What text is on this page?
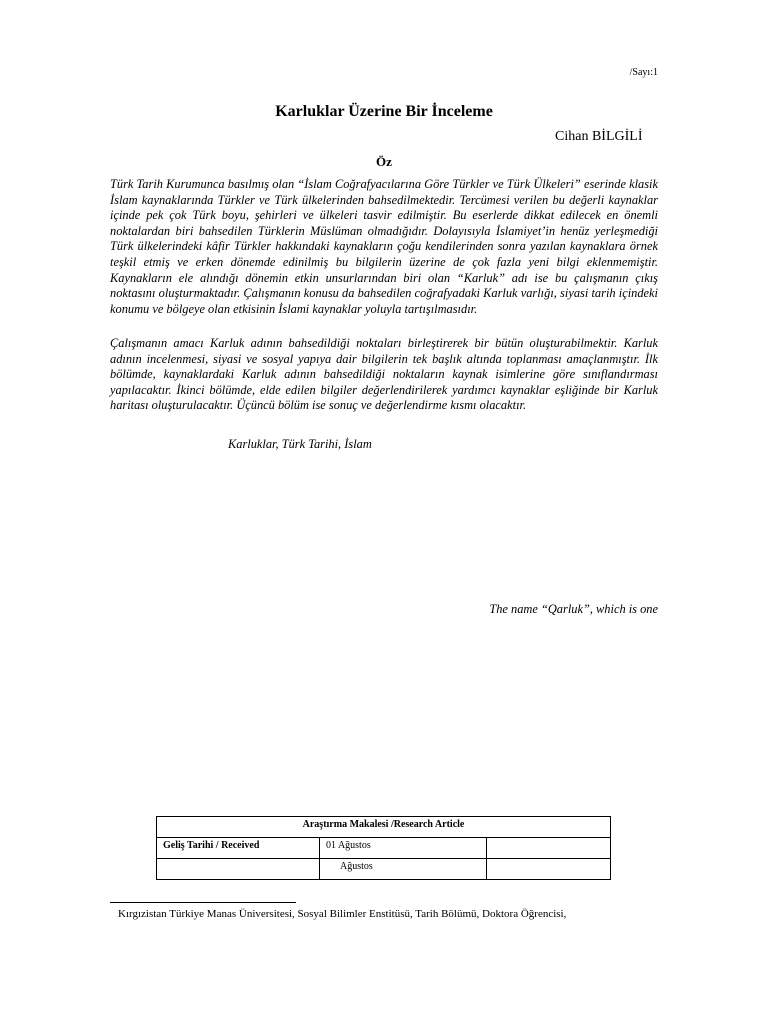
/Sayı:1
Karluklar Üzerine Bir İnceleme
Cihan BİLGİLİ
Öz

Türk Tarih Kurumunca basılmış olan “İslam Coğrafyacılarına Göre Türkler ve Türk Ülkeleri” eserinde klasik İslam kaynaklarında Türkler ve Türk ülkelerinden bahsedilmektedir. Tercümesi verilen bu değerli kaynaklar içinde pek çok Türk boyu, şehirleri ve ülkeleri tasvir edilmiştir. Bu eserlerde dikkat edilecek en önemli noktalardan biri bahsedilen Türklerin Müslüman olmadığıdır. Dolayısıyla İslamiyet’in henüz yerleşmediği Türk ülkelerindeki kâfir Türkler hakkındaki kaynakların çoğu kendilerinden sonra yazılan kaynaklara örnek teşkil etmiş ve erken dönemde edinilmiş bu bilgilerin üzerine de çok fazla yeni bilgi eklenmemiştir. Kaynakların ele alındığı dönemin etkin unsurlarından biri olan “Karluk” adı ise bu çalışmanın çıkış noktasını oluşturmaktadır. Çalışmanın konusu da bahsedilen coğrafyadaki Karluk varlığı, siyasi tarih içindeki konumu ve bölgeye olan etkisinin İslami kaynaklar yoluyla tartışılmasıdır.

Çalışmanın amacı Karluk adının bahsedildiği noktaları birleştirerek bir bütün oluşturabilmektir. Karluk adının incelenmesi, siyasi ve sosyal yapıya dair bilgilerin tek başlık altında toplanması amaçlanmıştır. İlk bölümde, kaynaklardaki Karluk adının bahsedildiği noktaların kaynak isimlerine göre sınıflandırması yapılacaktır. İkinci bölümde, elde edilen bilgiler değerlendirilerek yardımcı kaynaklar eşliğinde bir Karluk haritası oluşturulacaktır. Üçüncü bölüm ise sonuç ve değerlendirme kısmı olacaktır.

Karluklar, Türk Tarihi, İslam
The name “Qarluk”, which is one
Araştırma Makalesi /Research Article		
Geliş Tarihi / Received	01 Ağustos	
	Ağustos	
Kırgızistan Türkiye Manas Üniversitesi, Sosyal Bilimler Enstitüsü, Tarih Bölümü, Doktora Öğrencisi,
